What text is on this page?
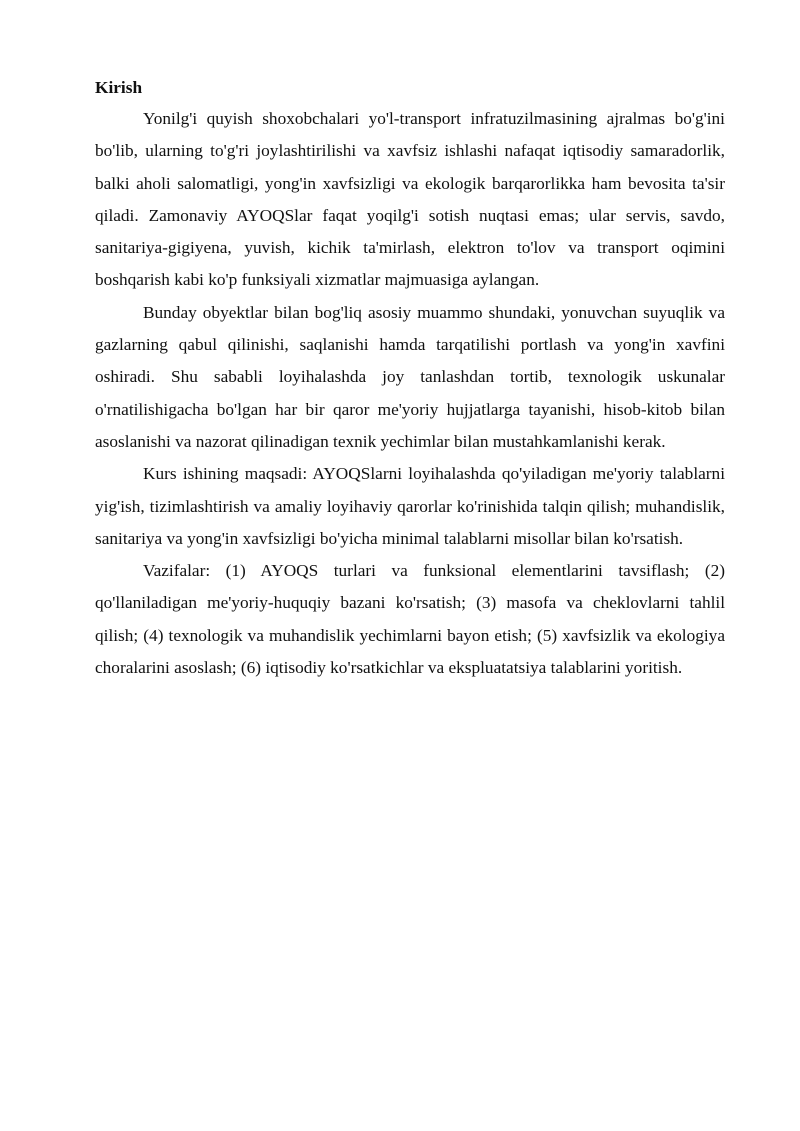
Kirish

Yonilg'i quyish shoxobchalari yo'l-transport infratuzilmasining ajralmas bo'g'ini bo'lib, ularning to'g'ri joylashtirilishi va xavfsiz ishlashi nafaqat iqtisodiy samaradorlik, balki aholi salomatligi, yong'in xavfsizligi va ekologik barqarorlikka ham bevosita ta'sir qiladi. Zamonaviy AYOQSlar faqat yoqilg'i sotish nuqtasi emas; ular servis, savdo, sanitariya-gigiyena, yuvish, kichik ta'mirlash, elektron to'lov va transport oqimini boshqarish kabi ko'p funksiyali xizmatlar majmuasiga aylangan.

Bunday obyektlar bilan bog'liq asosiy muammo shundaki, yonuvchan suyuqlik va gazlarning qabul qilinishi, saqlanishi hamda tarqatilishi portlash va yong'in xavfini oshiradi. Shu sababli loyihalashda joy tanlashdan tortib, texnologik uskunalar o'rnatilishigacha bo'lgan har bir qaror me'yoriy hujjatlarga tayanishi, hisob-kitob bilan asoslanishi va nazorat qilinadigan texnik yechimlar bilan mustahkamlanishi kerak.

Kurs ishining maqsadi: AYOQSlarni loyihalashda qo'yiladigan me'yoriy talablarni yig'ish, tizimlashtirish va amaliy loyihaviy qarorlar ko'rinishida talqin qilish; muhandislik, sanitariya va yong'in xavfsizligi bo'yicha minimal talablarni misollar bilan ko'rsatish.

Vazifalar: (1) AYOQS turlari va funksional elementlarini tavsiflash; (2) qo'llaniladigan me'yoriy-huquqiy bazani ko'rsatish; (3) masofa va cheklovlarni tahlil qilish; (4) texnologik va muhandislik yechimlarni bayon etish; (5) xavfsizlik va ekologiya choralarini asoslash; (6) iqtisodiy ko'rsatkichlar va ekspluatatsiya talablarini yoritish.
